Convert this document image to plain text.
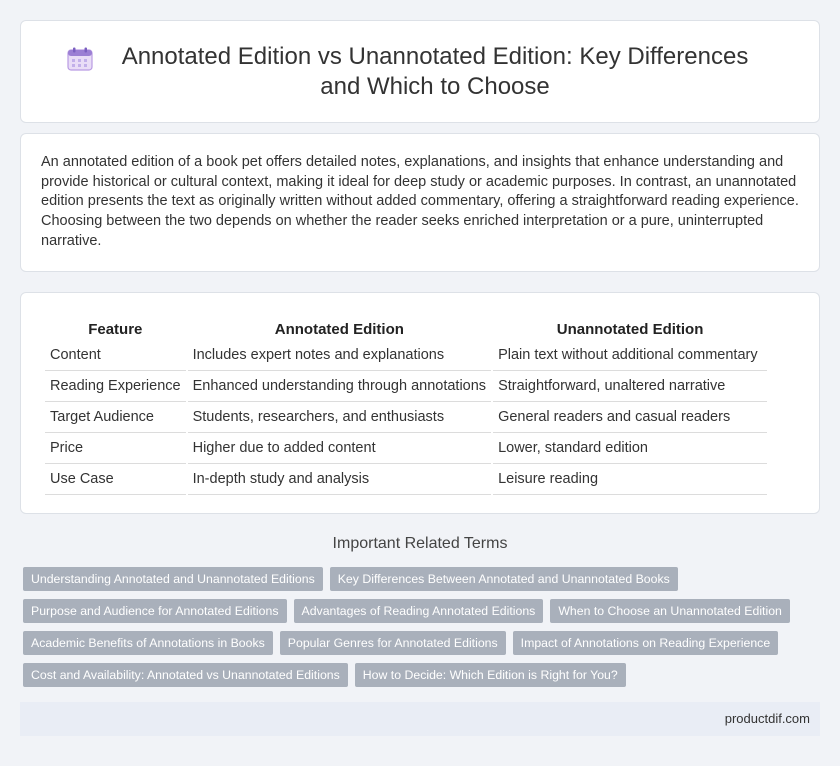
Annotated Edition vs Unannotated Edition: Key Differences and Which to Choose

An annotated edition of a book pet offers detailed notes, explanations, and insights that enhance understanding and provide historical or cultural context, making it ideal for deep study or academic purposes. In contrast, an unannotated edition presents the text as originally written without added commentary, offering a straightforward reading experience. Choosing between the two depends on whether the reader seeks enriched interpretation or a pure, uninterrupted narrative.

Feature	Annotated Edition	Unannotated Edition
Content	Includes expert notes and explanations	Plain text without additional commentary
Reading Experience	Enhanced understanding through annotations	Straightforward, unaltered narrative
Target Audience	Students, researchers, and enthusiasts	General readers and casual readers
Price	Higher due to added content	Lower, standard edition
Use Case	In-depth study and analysis	Leisure reading
Important Related Terms
Understanding Annotated and Unannotated Editions	Key Differences Between Annotated and Unannotated Books
Purpose and Audience for Annotated Editions	Advantages of Reading Annotated Editions	When to Choose an Unannotated Edition
Academic Benefits of Annotations in Books	Popular Genres for Annotated Editions	Impact of Annotations on Reading Experience
Cost and Availability: Annotated vs Unannotated Editions	How to Decide: Which Edition is Right for You?
productdif.com
